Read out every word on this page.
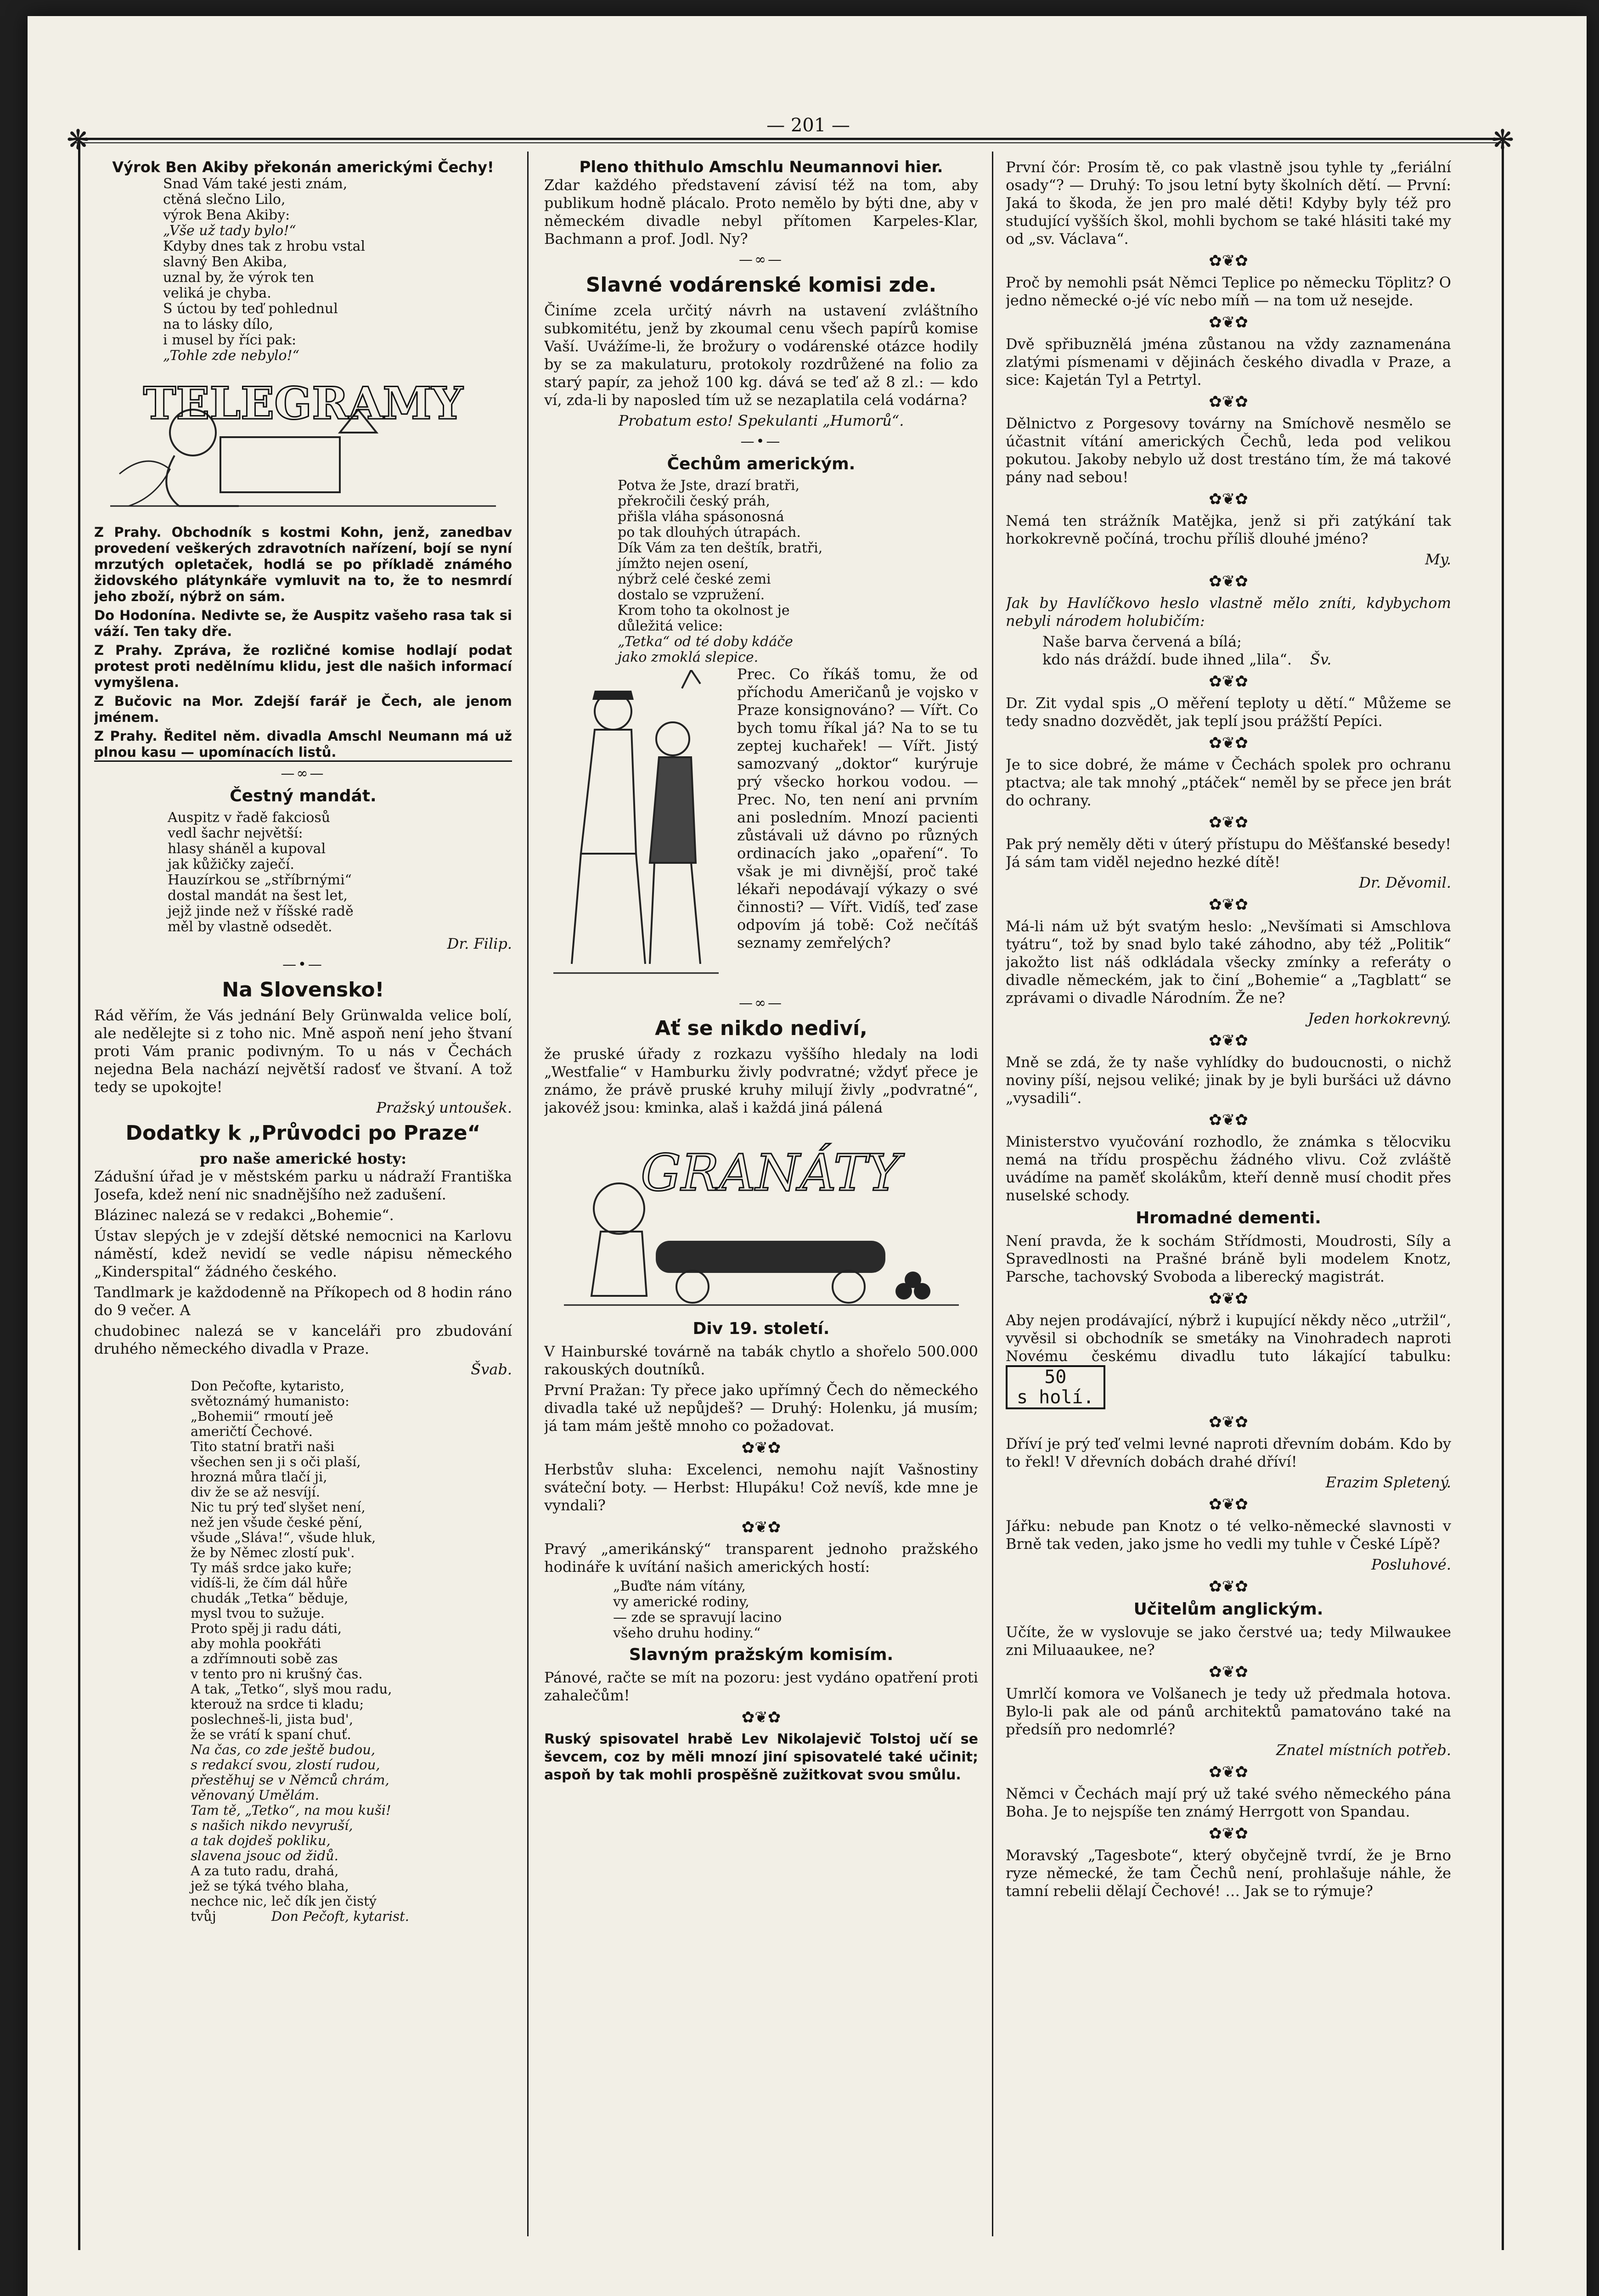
— 201 —
❋	❋
Výrok Ben Akiby překonán americkými Čechy!
Snad Vám také jesti znám,
ctěná slečno Lilo,
výrok Bena Akiby:
„Vše už tady bylo!“
Kdyby dnes tak z hrobu vstal
slavný Ben Akiba,
uznal by, že výrok ten
veliká je chyba.
S úctou by teď pohlednul
na to lásky dílo,
i musel by říci pak:
„Tohle zde nebylo!“
TELEGRAMY

Z Prahy. Obchodník s kostmi Kohn, jenž, zanedbav provedení veškerých zdravotních nařízení, bojí se nyní mrzutých opletaček, hodlá se po příkladě známého židovského plátynkáře vymluvit na to, že to nesmrdí jeho zboží, nýbrž on sám.

Do Hodonína. Nedivte se, že Auspitz vašeho rasa tak si váží. Ten taky dře.

Z Prahy. Zpráva, že rozličné komise hodlají podat protest proti nedělnímu klidu, jest dle našich informací vymyšlena.

Z Bučovic na Mor. Zdejší farář je Čech, ale jenom jménem.

Z Prahy. Ředitel něm. divadla Amschl Neumann má už plnou kasu — upomínacích listů.

—∞—
Čestný mandát.
Auspitz v řadě fakciosů
vedl šachr největší:
hlasy sháněl a kupoval
jak kůžičky zaječí.
Hauzírkou se „stříbrnými“
dostal mandát na šest let,
jejž jinde než v říšské radě
měl by vlastně odsedět.
Dr. Filip.
—•—
Na Slovensko!

Rád věřím, že Vás jednání Bely Grünwalda velice bolí, ale nedělejte si z toho nic. Mně aspoň není jeho štvaní proti Vám pranic podivným. To u nás v Čechách nejedna Bela nachází největší radosť ve štvaní. A tož tedy se upokojte!

Pražský untoušek.
Dodatky k „Průvodci po Praze“
pro naše americké hosty:

Zádušní úřad je v městském parku u nádraží Františka Josefa, kdež není nic snadnějšího než zadušení.

Blázinec nalezá se v redakci „Bohemie“.

Ústav slepých je v zdejší dětské nemocnici na Karlovu náměstí, kdež nevidí se vedle nápisu německého „Kinderspital“ žádného českého.

Tandlmark je každodenně na Příkopech od 8 hodin ráno do 9 večer. A

chudobinec nalezá se v kanceláři pro zbudování druhého německého divadla v Praze.

Švab.
Don Pečofte, kytaristo,
světoznámý humanisto:
„Bohemii“ rmoutí jeě
američtí Čechové.
Tito statní bratři naši
všechen sen ji s oči plaší,
hrozná můra tlačí ji,
div že se až nesvíjí.
Nic tu prý teď slyšet není,
než jen všude české pění,
všude „Sláva!“, všude hluk,
že by Němec zlostí puk'.
Ty máš srdce jako kuře;
vidíš-li, že čím dál hůře
chudák „Tetka“ běduje,
mysl tvou to sužuje.
Proto spěj ji radu dáti,
aby mohla pookřáti
a zdřímnouti sobě zas
v tento pro ni krušný čas.
A tak, „Tetko“, slyš mou radu,
kterouž na srdce ti kladu;
poslechneš-li, jista bud',
že se vrátí k spaní chuť.
Na čas, co zde ještě budou,
s redakcí svou, zlostí rudou,
přestěhuj se v Němců chrám,
věnovaný Umělám.
Tam tě, „Tetko“, na mou kuši!
s našich nikdo nevyruší,
a tak dojdeš pokliku,
slavena jsouc od židů.
A za tuto radu, drahá,
jež se týká tvého blaha,
nechce nic, leč dík jen čistý
tvůj	Don Pečoft, kytarist.
Pleno thithulo Amschlu Neumannovi hier.

Zdar každého představení závisí též na tom, aby publikum hodně plácalo. Proto nemělo by býti dne, aby v německém divadle nebyl přítomen Karpeles-Klar, Bachmann a prof. Jodl. Ny?

—∞—
Slavné vodárenské komisi zde.

Činíme zcela určitý návrh na ustavení zvláštního subkomitétu, jenž by zkoumal cenu všech papírů komise Vaší. Uvážíme-li, že brožury o vodárenské otázce hodily by se za makulaturu, protokoly rozdrůžené na folio za starý papír, za jehož 100 kg. dává se teď až 8 zl.: — kdo ví, zda-li by naposled tím už se nezaplatila celá vodárna?

Probatum esto! Spekulanti „Humorů“.
—•—
Čechům americkým.
Potva že Jste, drazí bratři,
překročili český práh,
přišla vláha spásonosná
po tak dlouhých útrapách.
Dík Vám za ten deštík, bratři,
jímžto nejen osení,
nýbrž celé české zemi
dostalo se vzpružení.
Krom toho ta okolnost je
důležitá velice:
„Tetka“ od té doby kdáče
jako zmoklá slepice.

Prec. Co říkáš tomu, že od příchodu Američanů je vojsko v Praze konsignováno? — Vířt. Co bych tomu říkal já? Na to se tu zeptej kuchařek! — Vířt. Jistý samozvaný „doktor“ kurýruje prý všecko horkou vodou. — Prec. No, ten není ani prvním ani posledním. Mnozí pacienti zůstávali už dávno po různých ordinacích jako „opaření“. To však je mi divnější, proč také lékaři nepodávají výkazy o své činnosti? — Vířt. Vidíš, teď zase odpovím já tobě: Což nečítáš seznamy zemřelých?

—∞—
Ať se nikdo nediví,

že pruské úřady z rozkazu vyššího hledaly na lodi „Westfalie“ v Hamburku živly podvratné; vždyť přece je známo, že právě pruské kruhy milují živly „podvratné“, jakovéž jsou: kminka, alaš i každá jiná pálená

GRANÁTY
Div 19. století.

V Hainburské továrně na tabák chytlo a shořelo 500.000 rakouských doutníků.

První Pražan: Ty přece jako upřímný Čech do německého divadla také už nepůjdeš? — Druhý: Holenku, já musím; já tam mám ještě mnoho co požadovat.

✿❦✿

Herbstův sluha: Excelenci, nemohu najít Vašnostiny sváteční boty. — Herbst: Hlupáku! Což nevíš, kde mne je vyndali?

✿❦✿

Pravý „amerikánský“ transparent jednoho pražského hodináře k uvítání našich amerických hostí:

„Buďte nám vítány,
vy americké rodiny,
— zde se spravují lacino
všeho druhu hodiny.“
Slavným pražským komisím.

Pánové, račte se mít na pozoru: jest vydáno opatření proti zahalečům!

✿❦✿

Ruský spisovatel hrabě Lev Nikolajevič Tolstoj učí se ševcem, coz by měli mnozí jiní spisovatelé také učinit; aspoň by tak mohli prospěšně zužitkovat svou smůlu.

První čór: Prosím tě, co pak vlastně jsou tyhle ty „feriální osady“? — Druhý: To jsou letní byty školních dětí. — První: Jaká to škoda, že jen pro malé děti! Kdyby byly též pro studující vyšších škol, mohli bychom se také hlásiti také my od „sv. Václava“.

✿❦✿

Proč by nemohli psát Němci Teplice po německu Töplitz? O jedno německé o-jé víc nebo míň — na tom už nesejde.

✿❦✿

Dvě spřibuznělá jména zůstanou na vždy zaznamenána zlatými písmenami v dějinách českého divadla v Praze, a sice: Kajetán Tyl a Petrtyl.

✿❦✿

Dělnictvo z Porgesovy továrny na Smíchově nesmělo se účastnit vítání amerických Čechů, leda pod velikou pokutou. Jakoby nebylo už dost trestáno tím, že má takové pány nad sebou!

✿❦✿

Nemá ten strážník Matějka, jenž si při zatýkání tak horkokrevně počíná, trochu příliš dlouhé jméno?

My.
✿❦✿

Jak by Havlíčkovo heslo vlastně mělo zníti, kdybychom nebyli národem holubičím:

Naše barva červená a bílá;
kdo nás dráždí. bude ihned „lila“. Šv.
✿❦✿

Dr. Zit vydal spis „O měření teploty u dětí.“ Můžeme se tedy snadno dozvědět, jak teplí jsou prážští Pepíci.

✿❦✿

Je to sice dobré, že máme v Čechách spolek pro ochranu ptactva; ale tak mnohý „ptáček“ neměl by se přece jen brát do ochrany.

✿❦✿

Pak prý neměly děti v úterý přístupu do Měšťanské besedy! Já sám tam viděl nejedno hezké dítě!

Dr. Děvomil.
✿❦✿

Má-li nám už být svatým heslo: „Nevšímati si Amschlova tyátru“, tož by snad bylo také záhodno, aby též „Politik“ jakožto list náš odkládala všecky zmínky a referáty o divadle německém, jak to činí „Bohemie“ a „Tagblatt“ se zprávami o divadle Národním. Že ne?

Jeden horkokrevný.
✿❦✿

Mně se zdá, že ty naše vyhlídky do budoucnosti, o nichž noviny píší, nejsou veliké; jinak by je byli buršáci už dávno „vysadili“.

✿❦✿

Ministerstvo vyučování rozhodlo, že známka s tělocviku nemá na třídu prospěchu žádného vlivu. Což zvláště uvádíme na paměť skolákům, kteří denně musí chodit přes nuselské schody.

Hromadné dementi.

Není pravda, že k sochám Střídmosti, Moudrosti, Síly a Spravedlnosti na Prašné bráně byli modelem Knotz, Parsche, tachovský Svoboda a liberecký magistrát.

✿❦✿

Aby nejen prodávající, nýbrž i kupující někdy něco „utržil“, vyvěsil si obchodník se smetáky na Vinohradech naproti Novému českému divadlu tuto lákající tabulku: 50
s holí.

✿❦✿

Dříví je prý teď velmi levné naproti dřevním dobám. Kdo by to řekl! V dřevních dobách drahé dříví!

Erazim Spletený.
✿❦✿

Jářku: nebude pan Knotz o té velko-německé slavnosti v Brně tak veden, jako jsme ho vedli my tuhle v České Lípě?

Posluhové.
✿❦✿
Učitelům anglickým.

Učíte, že w vyslovuje se jako čerstvé ua; tedy Milwaukee zni Miluaaukee, ne?

✿❦✿

Umrlčí komora ve Volšanech je tedy už předmala hotova. Bylo-li pak ale od pánů architektů pamatováno také na předsíň pro nedomrlé?

Znatel místních potřeb.
✿❦✿

Němci v Čechách mají prý už také svého německého pána Boha. Je to nejspíše ten známý Herrgott von Spandau.

✿❦✿

Moravský „Tagesbote“, který obyčejně tvrdí, že je Brno ryze německé, že tam Čechů není, prohlašuje náhle, že tamní rebelii dělají Čechové! … Jak se to rýmuje?
